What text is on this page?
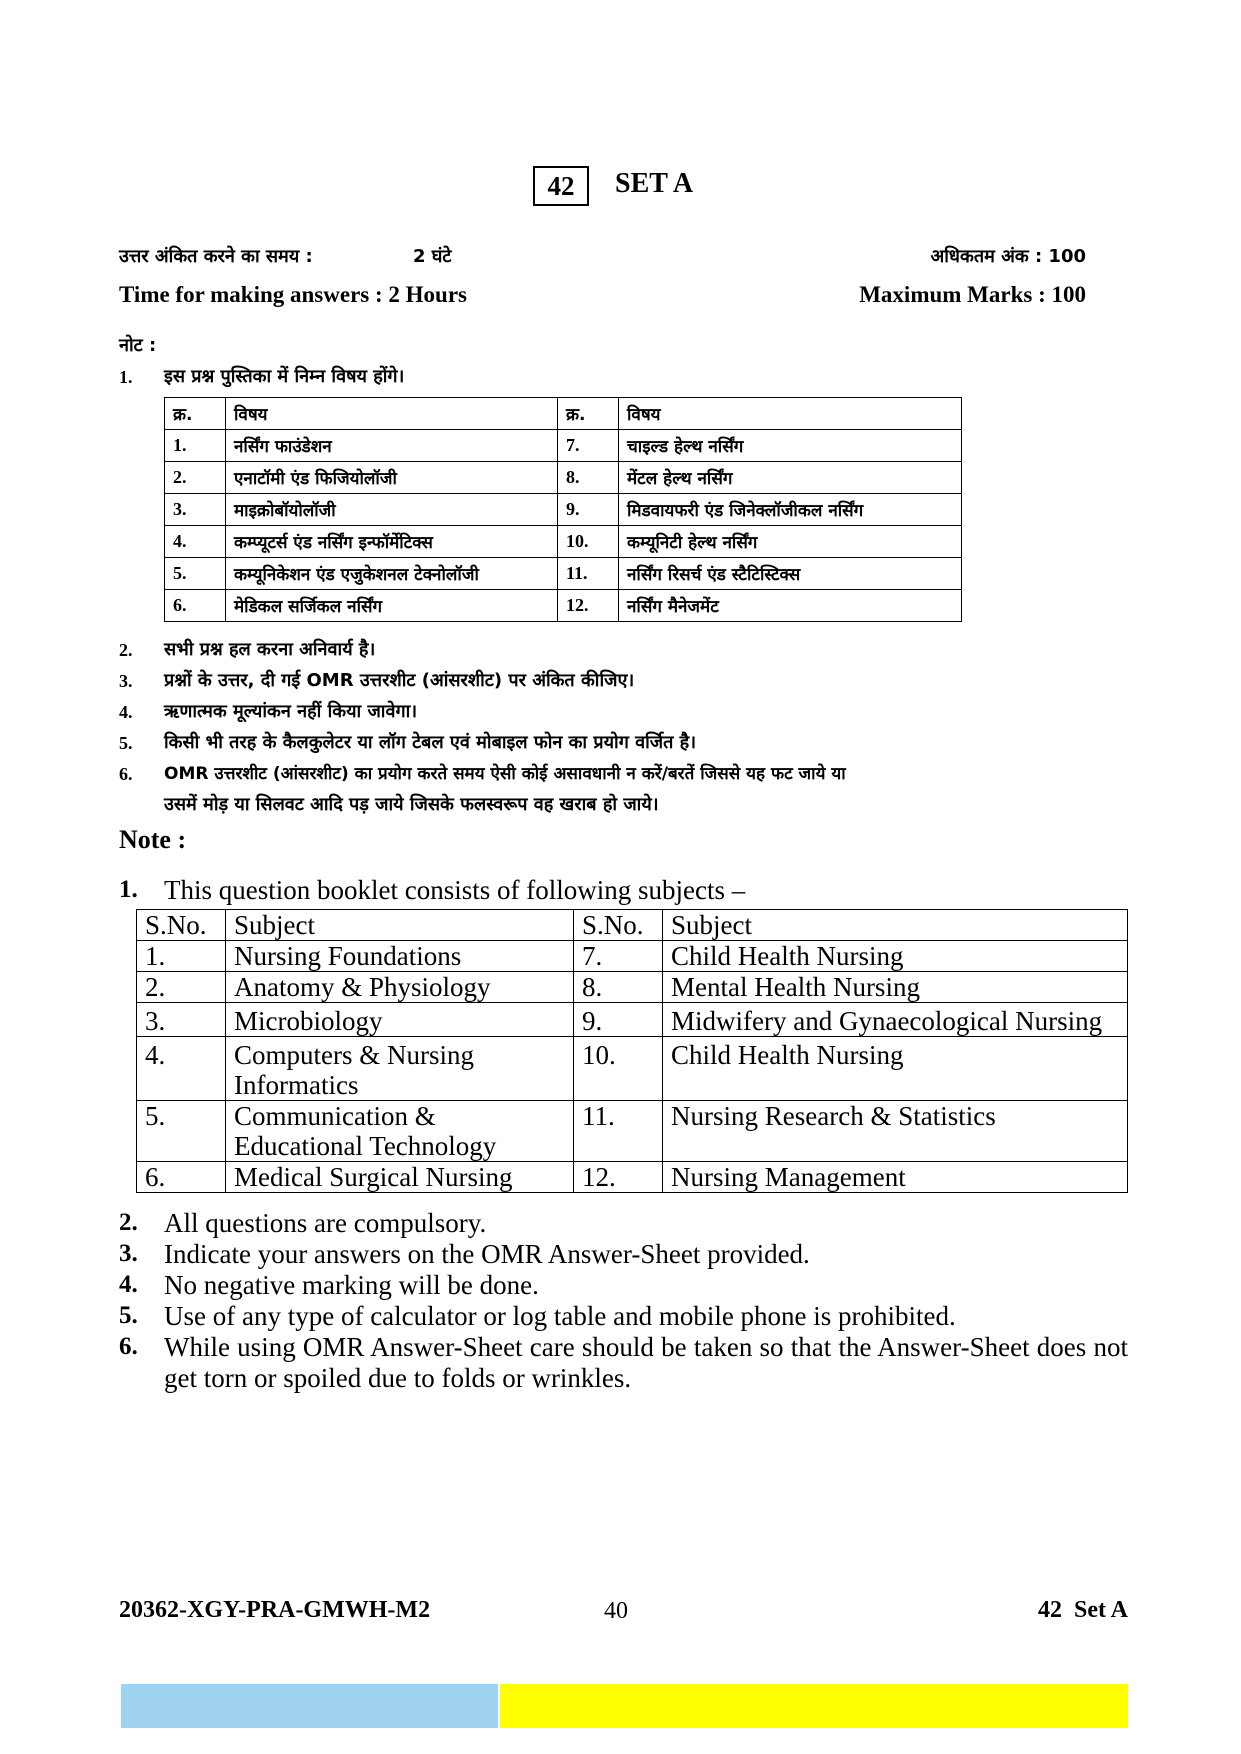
42	SET A
उत्तर अंकित करने का समय :	2 घंटे	अधिकतम अंक : 100
Time for making answers : 2 Hours	Maximum Marks : 100
नोट :
1. इस प्रश्न पुस्तिका में निम्न विषय होंगे।
क्र.	विषय	क्र.	विषय
1.	नर्सिंग फाउंडेशन	7.	चाइल्ड हेल्थ नर्सिंग
2.	एनाटॉमी एंड फिजियोलॉजी	8.	मेंटल हेल्थ नर्सिंग
3.	माइक्रोबॉयोलॉजी	9.	मिडवायफरी एंड जिनेक्लॉजीकल नर्सिंग
4.	कम्प्यूटर्स एंड नर्सिंग इन्फॉर्मेटिक्स	10.	कम्यूनिटी हेल्थ नर्सिंग
5.	कम्यूनिकेशन एंड एजुकेशनल टेक्नोलॉजी	11.	नर्सिंग रिसर्च एंड स्टैटिस्टिक्स
6.	मेडिकल सर्जिकल नर्सिंग	12.	नर्सिंग मैनेजमेंट
2. सभी प्रश्न हल करना अनिवार्य है।
3. प्रश्नों के उत्तर, दी गई OMR उत्तरशीट (आंसरशीट) पर अंकित कीजिए।
4. ऋणात्मक मूल्यांकन नहीं किया जावेगा।
5. किसी भी तरह के कैलकुलेटर या लॉग टेबल एवं मोबाइल फोन का प्रयोग वर्जित है।
6. OMR उत्तरशीट (आंसरशीट) का प्रयोग करते समय ऐसी कोई असावधानी न करें/बरतें जिससे यह फट जाये या
उसमें मोड़ या सिलवट आदि पड़ जाये जिसके फलस्वरूप वह खराब हो जाये।
Note :
1. This question booklet consists of following subjects –
S.No.	Subject	S.No.	Subject
1.	Nursing Foundations	7.	Child Health Nursing
2.	Anatomy & Physiology	8.	Mental Health Nursing
3.	Microbiology	9.	Midwifery and Gynaecological Nursing
4.	Computers & Nursing Informatics	10.	Child Health Nursing
5.	Communication & Educational Technology	11.	Nursing Research & Statistics
6.	Medical Surgical Nursing	12.	Nursing Management
2. All questions are compulsory.
3. Indicate your answers on the OMR Answer-Sheet provided.
4. No negative marking will be done.
5. Use of any type of calculator or log table and mobile phone is prohibited.
6. While using OMR Answer-Sheet care should be taken so that the Answer-Sheet does not get torn or spoiled due to folds or wrinkles.
20362-XGY-PRA-GMWH-M2	40	42  Set A
